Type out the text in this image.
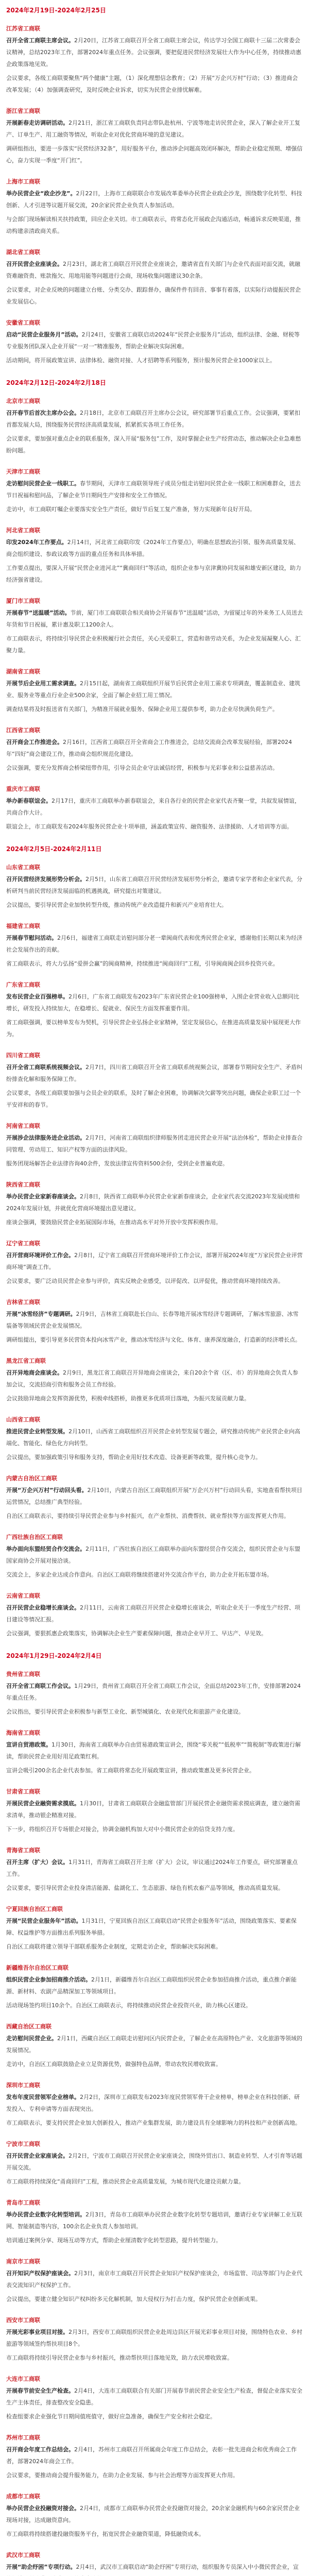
2024年2月19日-2024年2月25日
江苏省工商联

召开全省工商联主席会议。2月20日，江苏省工商联召开全省工商联主席会议，传达学习全国工商联十三届二次常委会议精神，总结2023年工作，部署2024年重点任务。会议强调，要把促进民营经济发展壮大作为中心任务，持续推动惠企政策落地见效。

会议要求，各级工商联要聚焦“两个健康”主题，（1）深化理想信念教育；（2）开展“万企兴万村”行动；（3）推进商会改革发展；（4）加强调查研究，及时反映企业诉求，切实为民营企业排忧解难。

浙江省工商联

开展新春走访调研活动。2月21日，浙江省工商联负责同志带队赴杭州、宁波等地走访民营企业，深入了解企业开工复产、订单生产、用工融资等情况，听取企业对优化营商环境的意见建议。

调研组指出，要进一步落实“民营经济32条”，用好服务平台，推动涉企问题高效闭环解决，帮助企业稳定预期、增强信心，奋力实现一季度“开门红”。

上海市工商联

举办民营企业“政企沙龙”。2月22日，上海市工商联联合市发展改革委举办民营企业政企沙龙，围绕数字化转型、科技创新、人才引进等议题开展交流，20余家民营企业负责人参加活动。

与会部门现场解读相关扶持政策，回应企业关切。市工商联表示，将常态化开展政企沟通活动，畅通诉求反映渠道，推动构建亲清政商关系。

湖北省工商联

召开民营企业座谈会。2月23日，湖北省工商联召开民营企业座谈会，邀请省直有关部门与企业代表面对面交流，就融资难融资贵、账款拖欠、用地用能等问题进行会商，现场收集问题建议30余条。

会议要求，对企业反映的问题建立台账、分类交办、跟踪督办，确保件件有回音、事事有着落，以实际行动提振民营企业发展信心。

安徽省工商联

启动“民营企业服务月”活动。2月24日，安徽省工商联启动2024年“民营企业服务月”活动，组织法律、金融、财税等专业服务团队深入企业开展“一对一”精准服务，帮助企业解决实际困难。

活动期间，将开展政策宣讲、法律体检、融资对接、人才招聘等系列服务，预计服务民营企业1000家以上。

2024年2月12日-2024年2月18日
北京市工商联

召开春节后首次主席办公会。2月18日，北京市工商联召开主席办公会议，研究部署节后重点工作。会议强调，要紧扣首都发展大局，围绕服务民营经济高质量发展，抓紧抓实各项工作任务。

会议要求，要加强对重点企业的联系服务，深入开展“服务包”工作，及时掌握企业生产经营动态，推动解决企业急难愁盼问题。

天津市工商联

走访慰问民营企业一线职工。春节期间，天津市工商联领导班子成员分组走访慰问民营企业一线职工和困难群众，送去节日祝福和慰问品，了解企业节日期间生产安排和安全工作情况。

走访中，市工商联叮嘱企业要落实安全生产责任，做好节后复工复产准备，努力实现新年良好开局。

河北省工商联

印发2024年工作要点。2月14日，河北省工商联印发《2024年工作要点》，明确在思想政治引领、服务高质量发展、商会组织建设、参政议政等方面的重点任务和具体举措。

工作要点提出，要深入开展“民营企业进河北”“冀商回归”等活动，组织企业参与京津冀协同发展和雄安新区建设，助力经济强省建设。

厦门市工商联

开展春节“送温暖”活动。节前，厦门市工商联联合相关商协会开展春节“送温暖”活动，为留厦过年的外来务工人员送去年货和节日祝福，累计惠及职工1200余人。

市工商联表示，将持续引导民营企业积极履行社会责任，关心关爱职工，营造和谐劳动关系，为企业发展凝聚人心、汇聚力量。

湖南省工商联

开展节后企业用工需求调查。2月15日起，湖南省工商联组织开展节后民营企业用工需求专项调查，覆盖制造业、建筑业、服务业等重点行业企业500余家，全面了解企业招工用工情况。

调查结果将及时报送省有关部门，为精准开展就业服务、保障企业用工提供参考，助力企业尽快满负荷生产。

江西省工商联

召开商会工作推进会。2月16日，江西省工商联召开全省商会工作推进会，总结交流商会改革发展经验，部署2024年“四好”商会建设工作，推动商会组织规范化建设。

会议强调，要充分发挥商会桥梁纽带作用，引导会员企业守法诚信经营，积极参与光彩事业和公益慈善活动。

重庆市工商联

举办新春联谊会。2月17日，重庆市工商联举办新春联谊会，来自各行业的民营企业家代表齐聚一堂，共叙发展情谊，共商合作大计。

联谊会上，市工商联发布2024年服务民营企业十项举措，涵盖政策宣传、融资服务、法律援助、人才培训等方面。

2024年2月5日-2024年2月11日
山东省工商联

召开民营经济发展形势分析会。2月5日，山东省工商联召开民营经济发展形势分析会，邀请专家学者和企业家代表，分析研判当前民营经济发展面临的机遇挑战，研究提出对策建议。

会议提出，要引导民营企业加快转型升级，推动传统产业改造提升和新兴产业培育壮大。

福建省工商联

开展春节慰问活动。2月6日，福建省工商联走访慰问部分老一辈闽商代表和优秀民营企业家，感谢他们长期以来为经济社会发展作出的贡献。

省工商联表示，将大力弘扬“爱拼会赢”的闽商精神，持续推进“闽商回归”工程，引导闽商闽企回乡投资兴业。

广东省工商联

发布民营企业百强榜单。2月6日，广东省工商联发布2023年广东省民营企业100强榜单，入围企业营业收入总额同比增长，研发投入持续加大，在稳增长、促就业、保民生方面发挥重要作用。

省工商联强调，要以榜单发布为契机，引导民营企业弘扬企业家精神，坚定发展信心，在推进高质量发展中展现更大作为。

四川省工商联

召开全省工商联系统视频会议。2月7日，四川省工商联召开全省工商联系统视频会议，部署春节期间安全生产、矛盾纠纷排查化解和服务保障工作。

会议要求，各级工商联要加强与会员企业的联系，及时了解企业困难，协调解决欠薪等突出问题，确保企业职工过一个平安祥和的春节。

河南省工商联

开展涉企法律服务进企业活动。2月7日，河南省工商联组织律师服务团走进民营企业开展“法治体检”，帮助企业排查合同管理、劳动用工、知识产权等方面的法律风险。

服务团现场解答企业法律咨询40余件，发放法律宣传资料500余份，受到企业普遍欢迎。

陕西省工商联

举办民营企业家新春座谈会。2月8日，陕西省工商联举办民营企业家新春座谈会，企业家代表交流2023年发展成绩和2024年发展计划，并就优化营商环境提出意见建议。

座谈会强调，要鼓励民营企业拓展国际市场，在推动高水平对外开放中发挥积极作用。

辽宁省工商联

召开营商环境评价工作会。2月8日，辽宁省工商联召开营商环境评价工作会议，部署开展2024年度“万家民营企业评营商环境”调查工作。

会议要求，要广泛动员民营企业参与评价，真实反映企业感受，以评促改、以评促优，推动营商环境持续改善。

吉林省工商联

开展“冰雪经济”专题调研。2月9日，吉林省工商联赴长白山、长春等地开展冰雪经济专题调研，了解冰雪旅游、冰雪装备等领域民营企业发展情况。

调研组提出，要引导更多民营资本投向冰雪产业，推动冰雪经济与文化、体育、康养深度融合，打造新的经济增长点。

黑龙江省工商联

召开异地商会座谈会。2月9日，黑龙江省工商联召开异地商会座谈会，来自20余个省（区、市）的异地商会负责人参加会议，交流招商引资和服务会员工作经验。

会议鼓励异地商会发挥资源优势，积极牵线搭桥，助推更多优质项目落地，为振兴发展贡献力量。

山西省工商联

推进民营企业转型发展。2月10日，山西省工商联组织召开民营企业转型发展专题会，研究推动传统产业民营企业向高端化、智能化、绿色化方向转型。

会议提出，要加强政策引导和服务支持，帮助企业用好技术改造、设备更新等政策，提升核心竞争力。

内蒙古自治区工商联

开展“万企兴万村”行动回头看。2月10日，内蒙古自治区工商联组织开展“万企兴万村”行动回头看，实地查看帮扶项目运营情况，总结推广典型经验。

自治区工商联表示，要持续引导民营企业参与乡村振兴，在产业帮扶、消费帮扶、就业帮扶等方面发挥更大作用。

广西壮族自治区工商联

举办面向东盟经贸合作交流会。2月11日，广西壮族自治区工商联举办面向东盟经贸合作交流会，组织民营企业与东盟国家商协会开展对接洽谈。

交流会上，多家企业达成合作意向。自治区工商联将继续搭建对外交流合作平台，助力企业开拓东盟市场。

云南省工商联

召开民营企业稳增长座谈会。2月11日，云南省工商联召开民营企业稳增长座谈会，听取企业关于一季度生产经营、项目建设等情况汇报。

会议强调，要狠抓惠企政策落实，协调解决企业生产要素保障问题，推动企业早开工、早达产、早见效。

2024年1月29日-2024年2月4日
贵州省工商联

召开全省工商联工作会议。1月29日，贵州省工商联召开全省工商联工作会议，全面总结2023年工作，安排部署2024年重点任务。

会议指出，要引导民营企业积极参与新型工业化、新型城镇化、农业现代化和旅游产业化建设。

海南省工商联

宣讲自贸港政策。1月30日，海南省工商联举办自由贸易港政策宣讲会，围绕“零关税”“低税率”“简税制”等政策进行解读，帮助民营企业用好用足政策红利。

宣讲会吸引200余名企业代表参加。省工商联将常态化开展政策宣讲，推动政策惠及更多民营企业。

甘肃省工商联

开展民营企业融资需求摸底。1月30日，甘肃省工商联联合金融监管部门开展民营企业融资需求摸底调查，建立融资需求清单，推动银企精准对接。

下一步，将组织召开专场银企对接会，协调金融机构加大对中小微民营企业的信贷支持力度。

青海省工商联

召开主席（扩大）会议。1月31日，青海省工商联召开主席（扩大）会议，审议通过2024年工作要点，研究部署重点工作。

会议要求，要引导民营企业投身清洁能源、盐湖化工、生态旅游、绿色有机农畜产品等领域，推动高质量发展。

宁夏回族自治区工商联

开展“民营企业服务年”活动。1月31日，宁夏回族自治区工商联启动“民营企业服务年”活动，围绕政策落实、要素保障、权益维护等方面推出系列服务举措。

自治区工商联将建立领导干部联系服务企业制度，定期走访企业，帮助解决实际困难。

新疆维吾尔自治区工商联

组织民营企业参加招商推介活动。2月1日，新疆维吾尔自治区工商联组织民营企业参加招商推介活动，重点推介新能源、新材料、农副产品精深加工等领域项目。

活动现场签约项目10余个。自治区工商联表示，将持续推动民营企业投资兴业，助力核心区建设。

西藏自治区工商联

走访慰问民营企业。2月1日，西藏自治区工商联走访慰问区内民营企业，了解企业在高原特色产业、文化旅游等领域的发展情况。

走访中，自治区工商联鼓励企业立足资源优势，做强特色品牌，带动农牧民增收致富。

深圳市工商联

发布年度民营领军企业榜单。2月2日，深圳市工商联发布2023年度民营领军骨干企业榜单，榜单企业在科技创新、研发投入、专利申请等方面表现突出。

市工商联表示，要支持民营企业加大创新投入，推动产业集群发展，助力建设具有全球影响力的科技和产业创新高地。

宁波市工商联

召开民营企业家座谈会。2月2日，宁波市工商联召开民营企业家座谈会，围绕外贸出口、制造业转型、人才引育等话题开展交流。

市工商联将持续深化“甬商回归”工程，推动民营企业高质量发展，为城市现代化建设贡献力量。

青岛市工商联

举办民营企业数字化转型培训。2月3日，青岛市工商联举办民营企业数字化转型专题培训，邀请行业专家讲解工业互联网、智能制造等内容，100余名企业负责人参加培训。

培训通过案例分享、现场互动等方式，帮助企业厘清数字化转型思路，提升转型能力。

南京市工商联

召开知识产权保护座谈会。2月3日，南京市工商联召开民营企业知识产权保护座谈会，市场监管、司法等部门与企业代表交流知识产权保护工作。

会议提出，要建立健全知识产权纠纷多元化解机制，加大侵权行为打击力度，保护民营企业创新成果。

西安市工商联

开展光彩事业项目对接。2月3日，西安市工商联组织民营企业赴周边县区开展光彩事业项目对接，围绕特色农业、乡村旅游等领域签约帮扶项目8个。

市工商联将持续引导民营企业参与乡村振兴，推动帮扶项目落地见效，助力农民增收致富。

大连市工商联

开展春节前安全生产检查。2月4日，大连市工商联联合有关部门开展春节前民营企业安全生产检查，督促企业落实安全生产主体责任，排查整改安全隐患。

检查组要求企业强化节日期间值班值守，做好应急准备，确保生产安全和社会稳定。

苏州市工商联

召开商会年度工作总结会。2月4日，苏州市工商联召开所属商会年度工作总结会，表彰一批先进商会和优秀商会工作者，部署2024年商会工作。

会议要求，要推动商会提升服务能力，在助力企业发展、参与社会治理等方面发挥更大作用。

成都市工商联

举办民营企业投融资对接会。2月4日，成都市工商联举办民营企业投融资对接会，20余家金融机构与60余家民营企业现场对接，达成融资意向。

市工商联将持续搭建投融资服务平台，拓宽民营企业融资渠道，降低融资成本。

武汉市工商联

开展“助企纾困”专项行动。2月4日，武汉市工商联启动“助企纾困”专项行动，组织服务专员深入中小微民营企业，宣
